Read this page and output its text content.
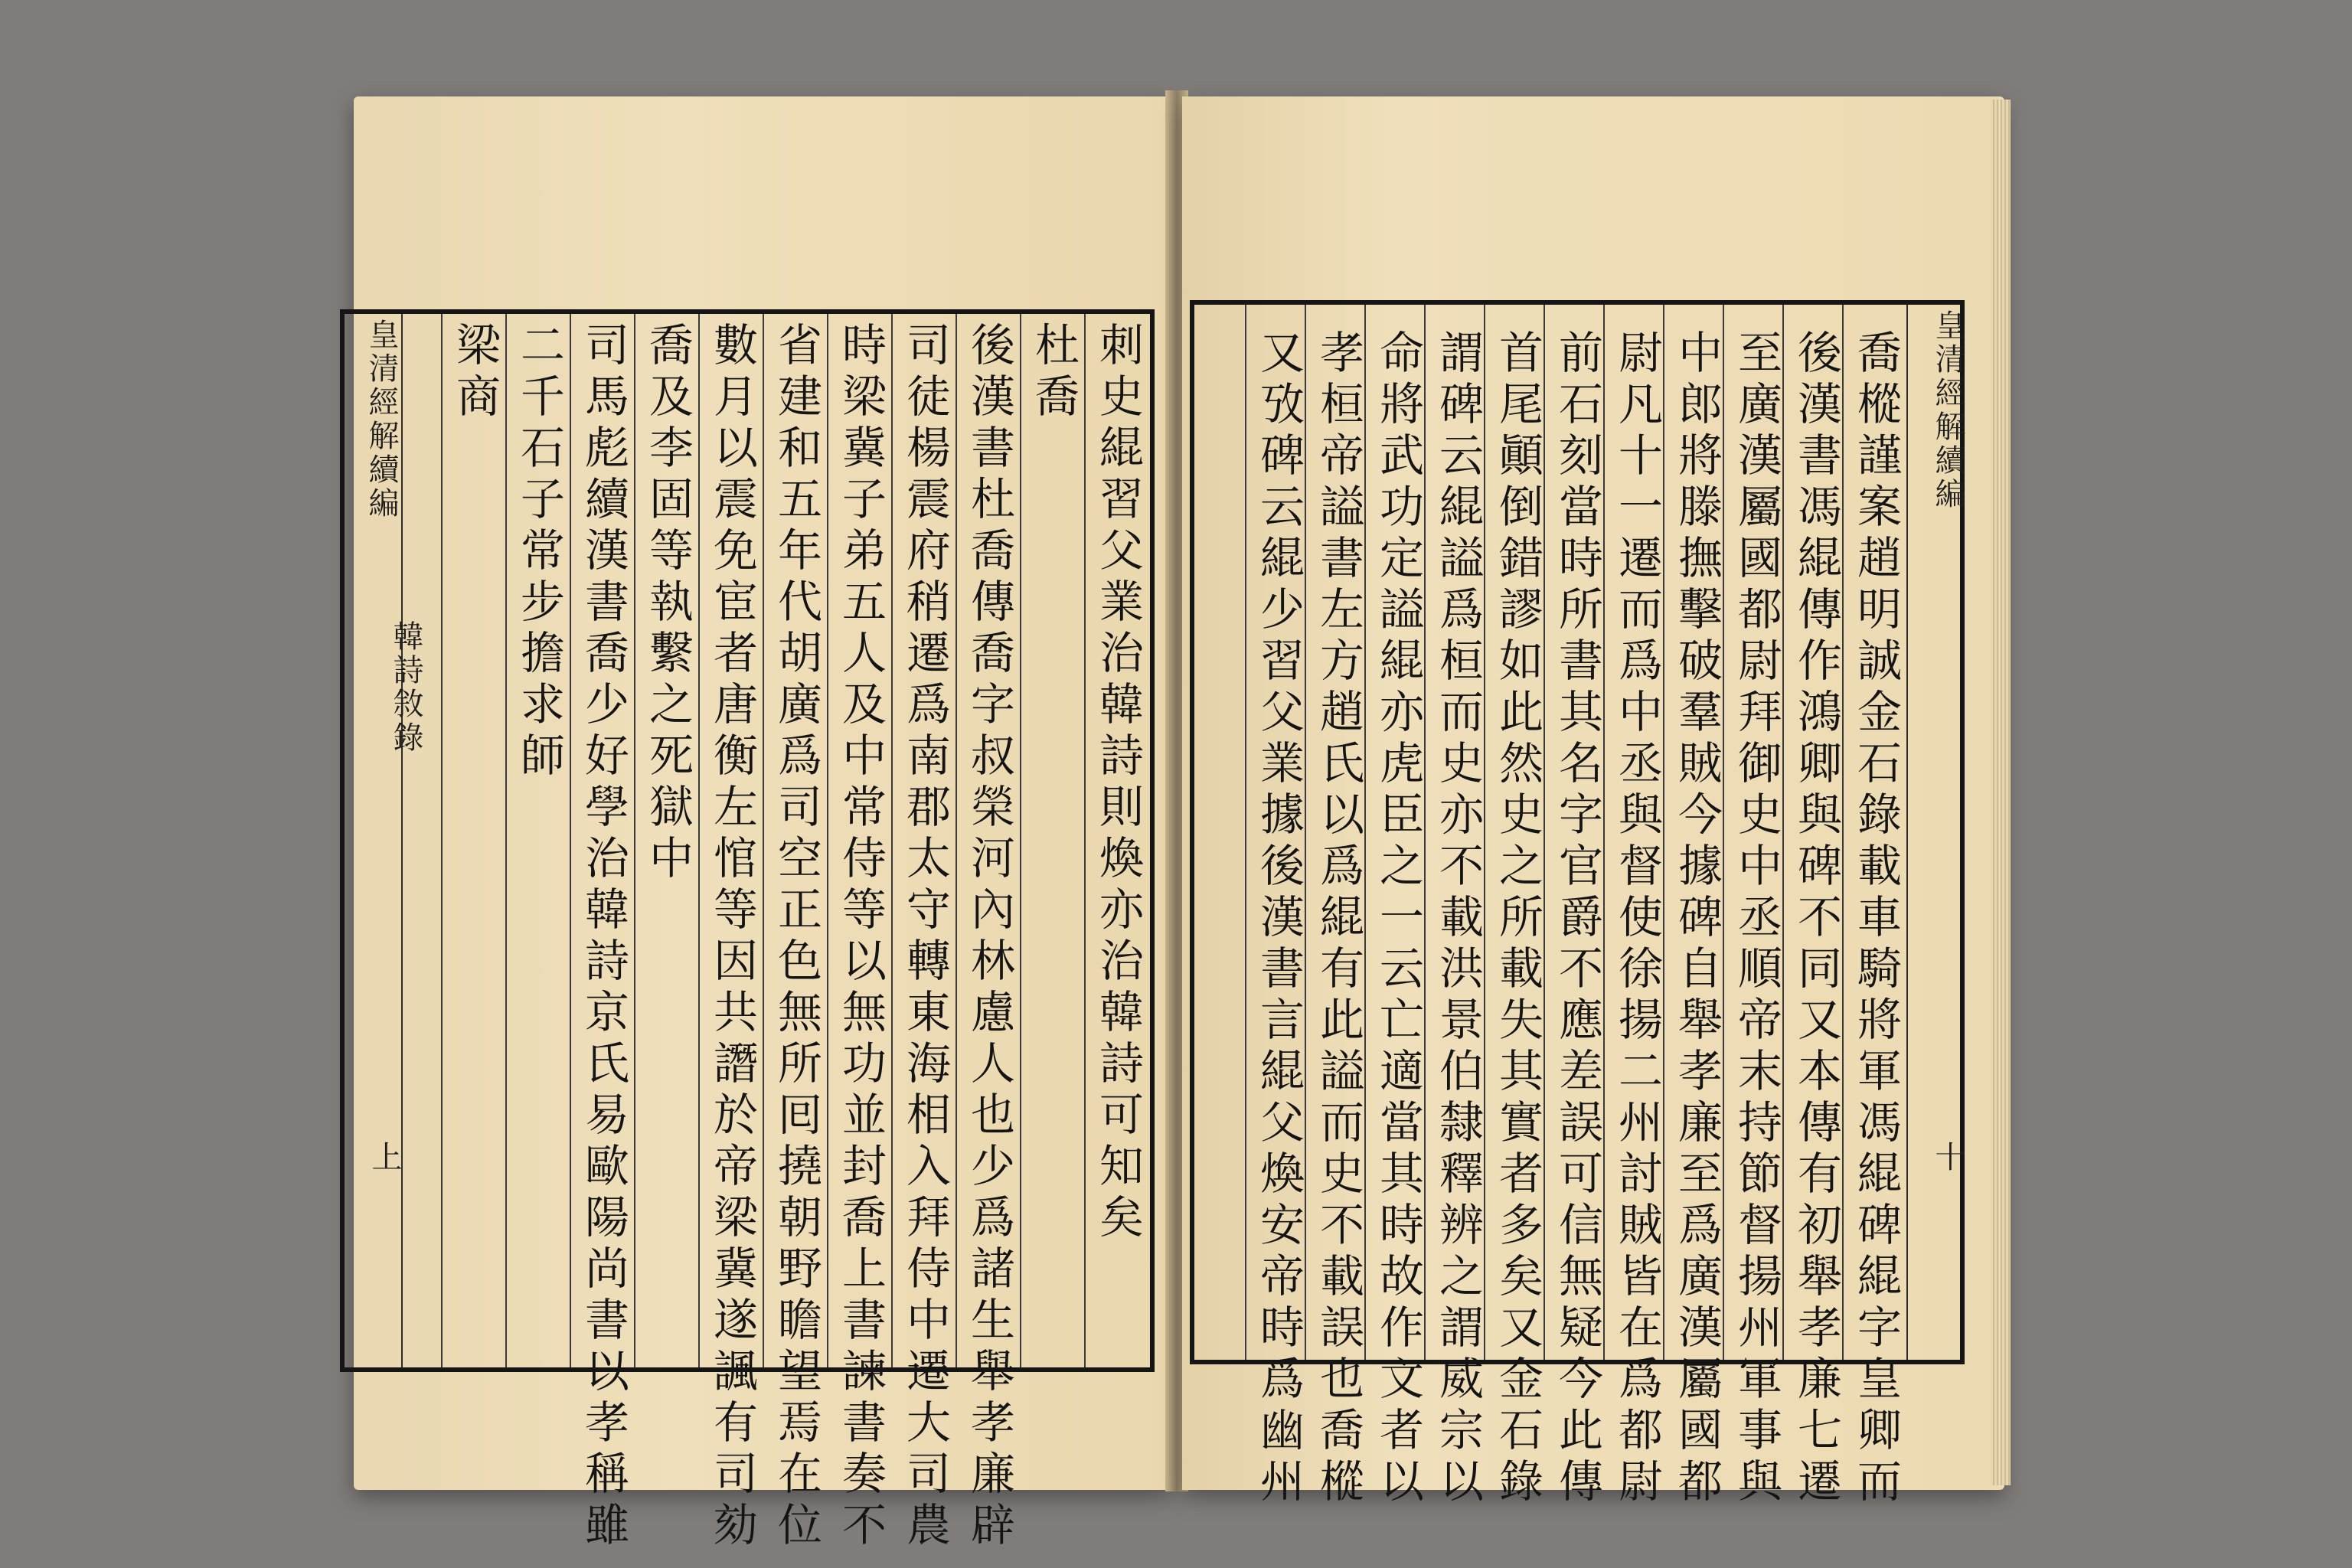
皇清經解續編
韓詩敘錄
上	刺史緄習父業治韓詩則煥亦治韓詩可知矣
杜喬
後漢書杜喬傳喬字叔榮河內林慮人也少爲諸生舉孝廉辟
司徒楊震府稍遷爲南郡太守轉東海相入拜侍中遷大司農
時梁冀子弟五人及中常侍等以無功並封喬上書諫書奏不
省建和五年代胡廣爲司空正色無所囘撓朝野瞻望焉在位
數月以震免宦者唐衡左悺等因共譖於帝梁冀遂諷有司劾
喬及李固等執繫之死獄中
司馬彪續漢書喬少好學治韓詩京氏易歐陽尚書以孝稱雖
二千石子常步擔求師
梁商	皇清經解續編
十
喬樅謹案趙明誠金石錄載車騎將軍馮緄碑緄字皇卿而
後漢書馮緄傳作鴻卿與碑不同又本傳有初舉孝廉七遷
至廣漢屬國都尉拜御史中丞順帝末持節督揚州軍事與
中郎將滕撫擊破羣賊今據碑自舉孝廉至爲廣漢屬國都
尉凡十一遷而爲中丞與督使徐揚二州討賊皆在爲都尉
前石刻當時所書其名字官爵不應差誤可信無疑今此傳
首尾顚倒錯謬如此然史之所載失其實者多矣又金石錄
謂碑云緄謚爲桓而史亦不載洪景伯隸釋辨之謂威宗以
命將武功定謚緄亦虎臣之一云亡適當其時故作文者以
孝桓帝謚書左方趙氏以爲緄有此謚而史不載誤也喬樅
又攷碑云緄少習父業據後漢書言緄父煥安帝時爲幽州
